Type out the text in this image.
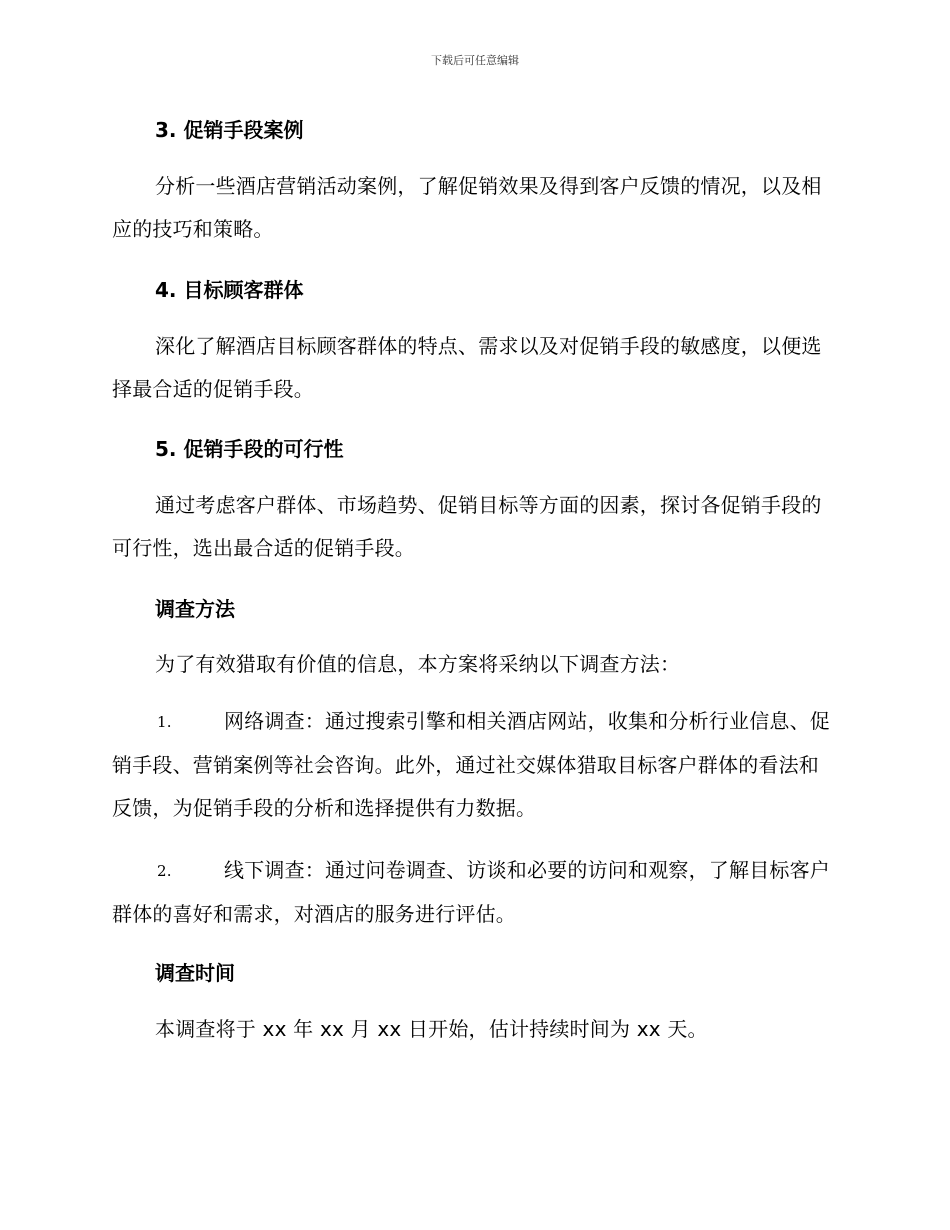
下载后可任意编辑
3. 促销手段案例
分析一些酒店营销活动案例，了解促销效果及得到客户反馈的情况，以及相应的技巧和策略。
4. 目标顾客群体
深化了解酒店目标顾客群体的特点、需求以及对促销手段的敏感度，以便选择最合适的促销手段。
5. 促销手段的可行性
通过考虑客户群体、市场趋势、促销目标等方面的因素，探讨各促销手段的可行性，选出最合适的促销手段。
调查方法
为了有效猎取有价值的信息，本方案将采纳以下调查方法：
1.	网络调查：通过搜索引擎和相关酒店网站，收集和分析行业信息、促销手段、营销案例等社会咨询。此外，通过社交媒体猎取目标客户群体的看法和反馈，为促销手段的分析和选择提供有力数据。
2.	线下调查：通过问卷调查、访谈和必要的访问和观察，了解目标客户群体的喜好和需求，对酒店的服务进行评估。
调查时间
本调查将于 xx 年 xx 月 xx 日开始，估计持续时间为 xx 天。
